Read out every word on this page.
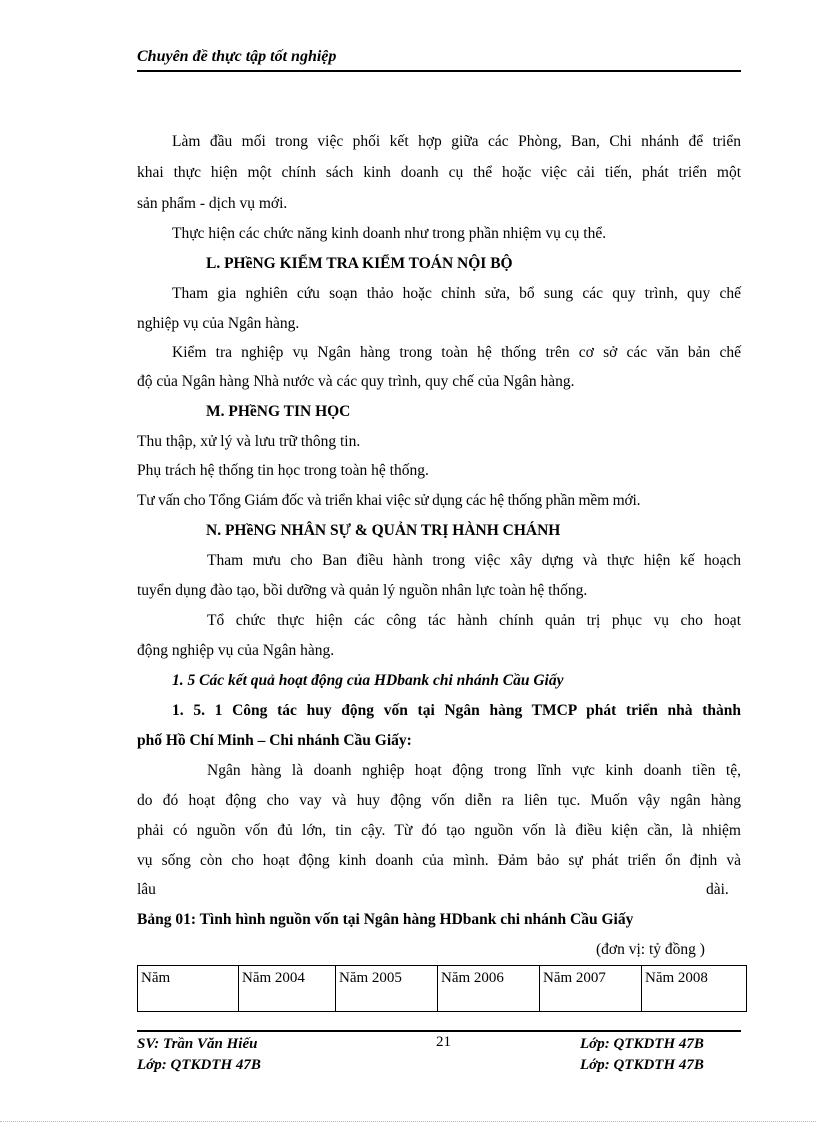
Chuyên đề thực tập tốt nghiệp
Làm đầu mối trong việc phối kết hợp giữa các Phòng, Ban, Chi nhánh để triển
khai thực hiện một chính sách kinh doanh cụ thể hoặc việc cải tiến, phát triển một
sản phẩm - dịch vụ mới.
Thực hiện các chức năng kinh doanh như trong phần nhiệm vụ cụ thể.
L. PHềNG KIỂM TRA KIỂM TOÁN NỘI BỘ
Tham gia nghiên cứu soạn thảo hoặc chỉnh sửa, bổ sung các quy trình, quy chế
nghiệp vụ của Ngân hàng.
Kiểm tra nghiệp vụ Ngân hàng trong toàn hệ thống trên cơ sở các văn bản chế
độ của Ngân hàng Nhà nước và các quy trình, quy chế của Ngân hàng.
M. PHềNG TIN HỌC
Thu thập, xử lý và lưu trữ thông tin.
Phụ trách hệ thống tin học trong toàn hệ thống.
Tư vấn cho Tổng Giám đốc và triển khai việc sử dụng các hệ thống phần mềm mới.
N. PHềNG NHÂN SỰ & QUẢN TRỊ HÀNH CHÁNH
Tham mưu cho Ban điều hành trong việc xây dựng và thực hiện kế hoạch
tuyển dụng đào tạo, bồi dưỡng và quản lý nguồn nhân lực toàn hệ thống.
Tổ chức thực hiện các công tác hành chính quản trị phục vụ cho hoạt
động nghiệp vụ của Ngân hàng.
1. 5 Các kết quả hoạt động của HDbank chi nhánh Cầu Giấy
1. 5. 1 Công tác huy động vốn tại Ngân hàng TMCP phát triển nhà thành
phố Hồ Chí Minh – Chi nhánh Cầu Giấy:
Ngân hàng là doanh nghiệp hoạt động trong lĩnh vực kinh doanh tiền tệ,
do đó hoạt động cho vay và huy động vốn diễn ra liên tục. Muốn vậy ngân hàng
phải có nguồn vốn đủ lớn, tin cậy. Từ đó tạo nguồn vốn là điều kiện cần, là nhiệm
vụ sống còn cho hoạt động kinh doanh của mình. Đảm bảo sự phát triển ổn định và
lâu	dài.
Bảng 01: Tình hình nguồn vốn tại Ngân hàng HDbank chi nhánh Cầu Giấy
(đơn vị: tỷ đồng )
Năm	Năm 2004	Năm 2005	Năm 2006	Năm 2007	Năm 2008
SV: Trần Văn Hiếu
Lớp: QTKDTH 47B
21	Lớp: QTKDTH 47B
Lớp: QTKDTH 47B
